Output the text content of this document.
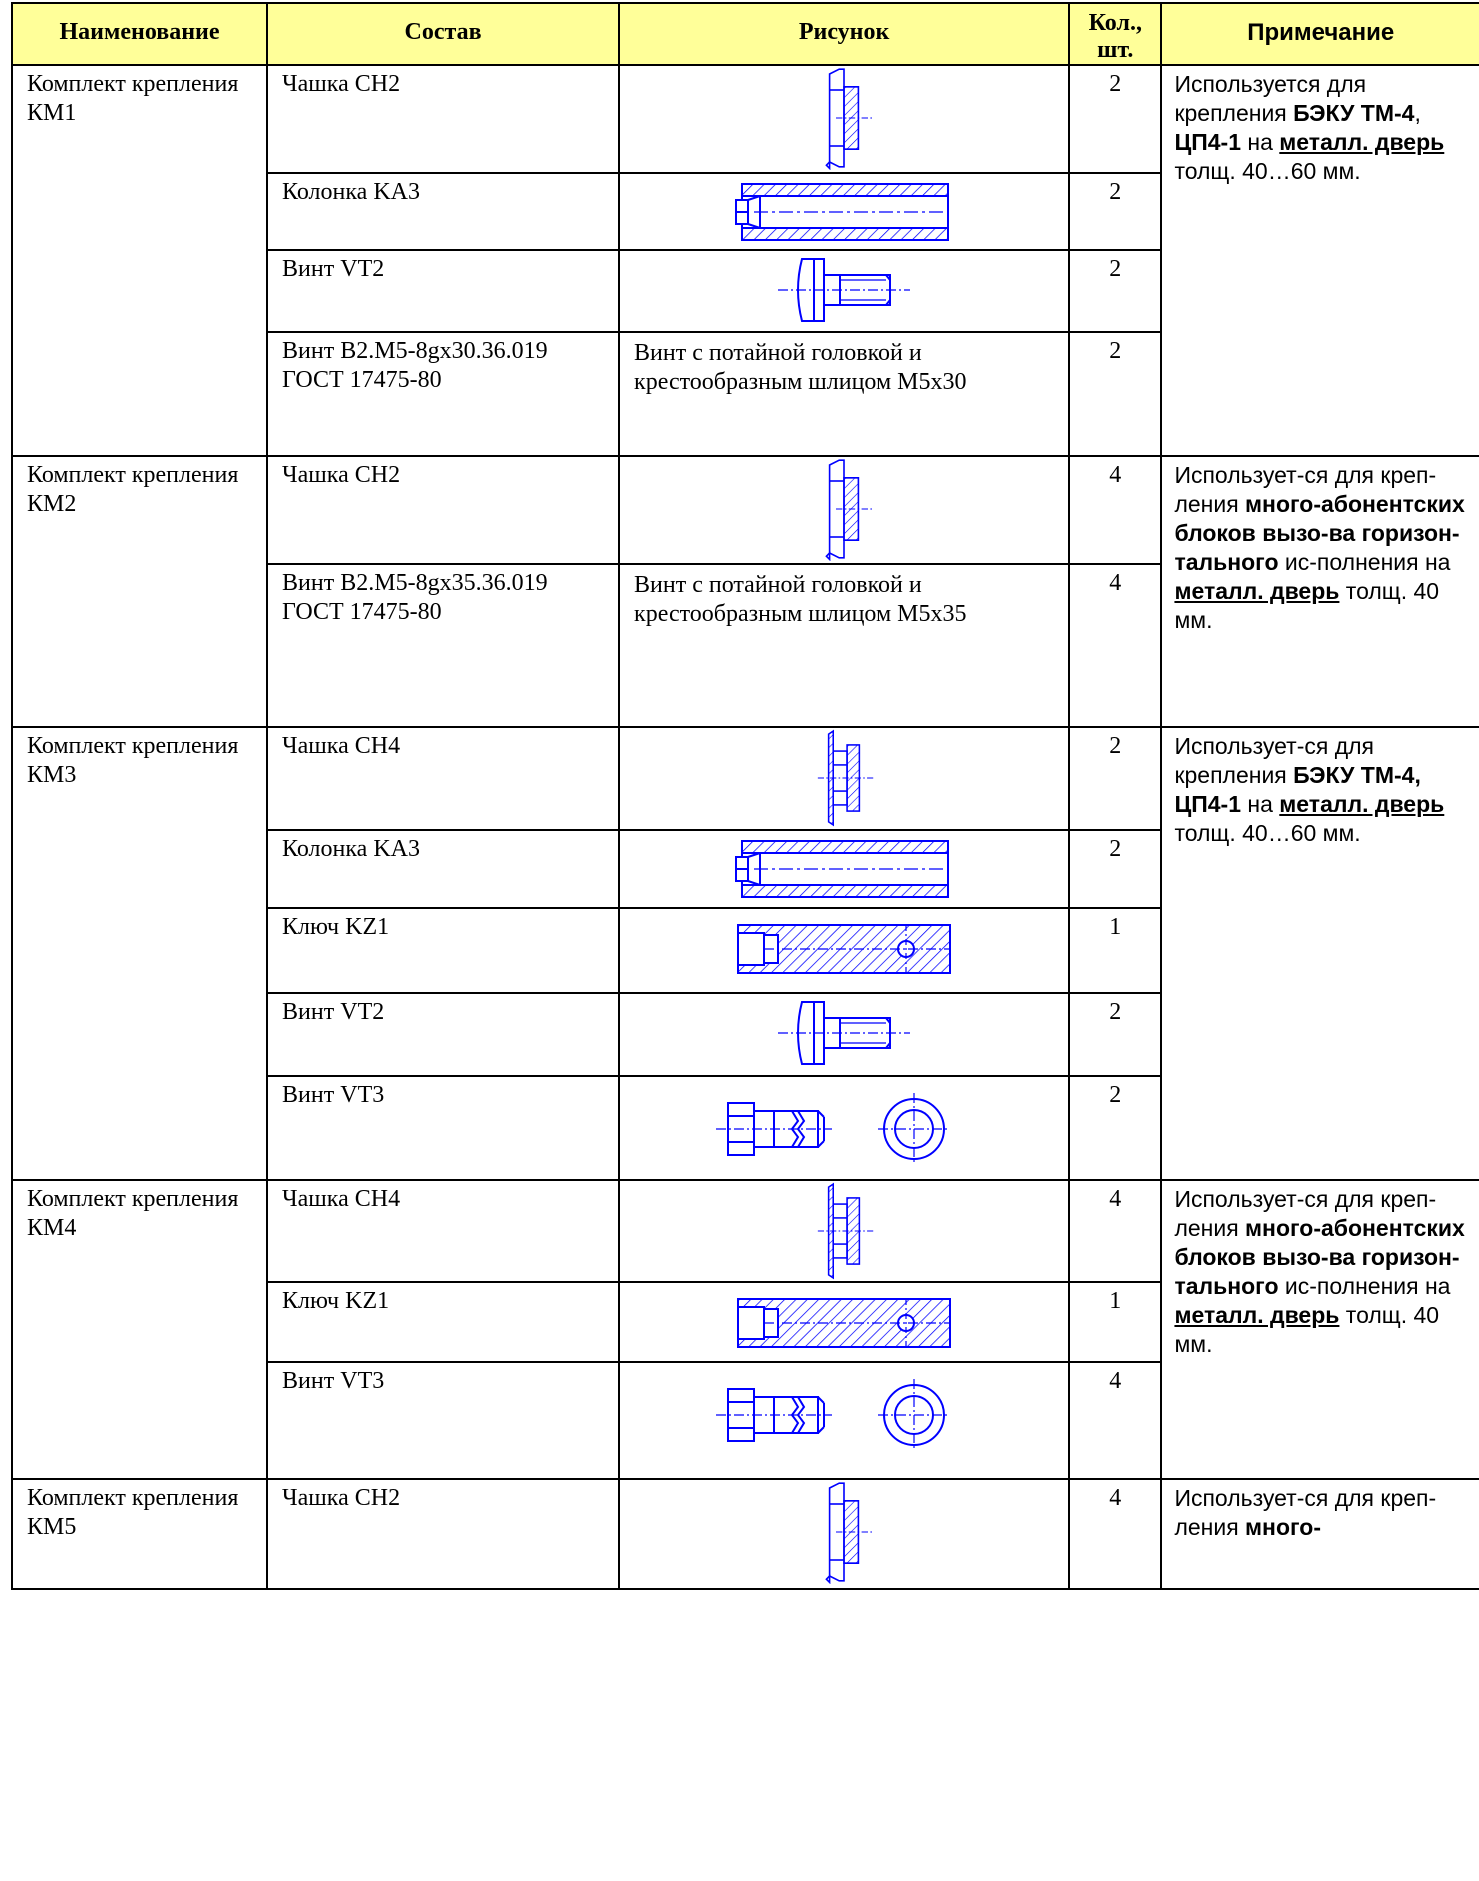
Наименование	Состав	Рисунок	Кол., шт.	Примечание

Комплект крепления КМ1	Чашка CH2		2	Используется для крепления БЭКУ ТМ-4, ЦП4-1 на металл. дверь толщ. 40…60 мм.

	Колонка KA3		2	

	Винт VT2		2	

	Винт В2.М5-8gx30.36.019 ГОСТ 17475-80	Винт с потайной головкой и крестообразным шлицом М5х30	2	

Комплект крепления КМ2	Чашка CH2		4	Использует-ся для креп-ления много-абонентских блоков вызо-ва горизон-тального ис-полнения на металл. дверь толщ. 40 мм.

	Винт В2.М5-8gx35.36.019 ГОСТ 17475-80	Винт с потайной головкой и крестообразным шлицом М5х35	4	

Комплект крепления КМ3	Чашка CH4		2	Использует-ся для крепления БЭКУ ТМ-4, ЦП4-1 на металл. дверь толщ. 40…60 мм.

	Колонка KA3		2	

	Ключ KZ1		1	

	Винт VT2		2	

	Винт VT3		2	

Комплект крепления КМ4	Чашка CH4		4	Использует-ся для креп-ления много-абонентских блоков вызо-ва горизон-тального ис-полнения на металл. дверь толщ. 40 мм.

	Ключ KZ1		1	

	Винт VT3		4	

Комплект крепления КМ5	Чашка CH2		4	Использует-ся для креп-ления много-
